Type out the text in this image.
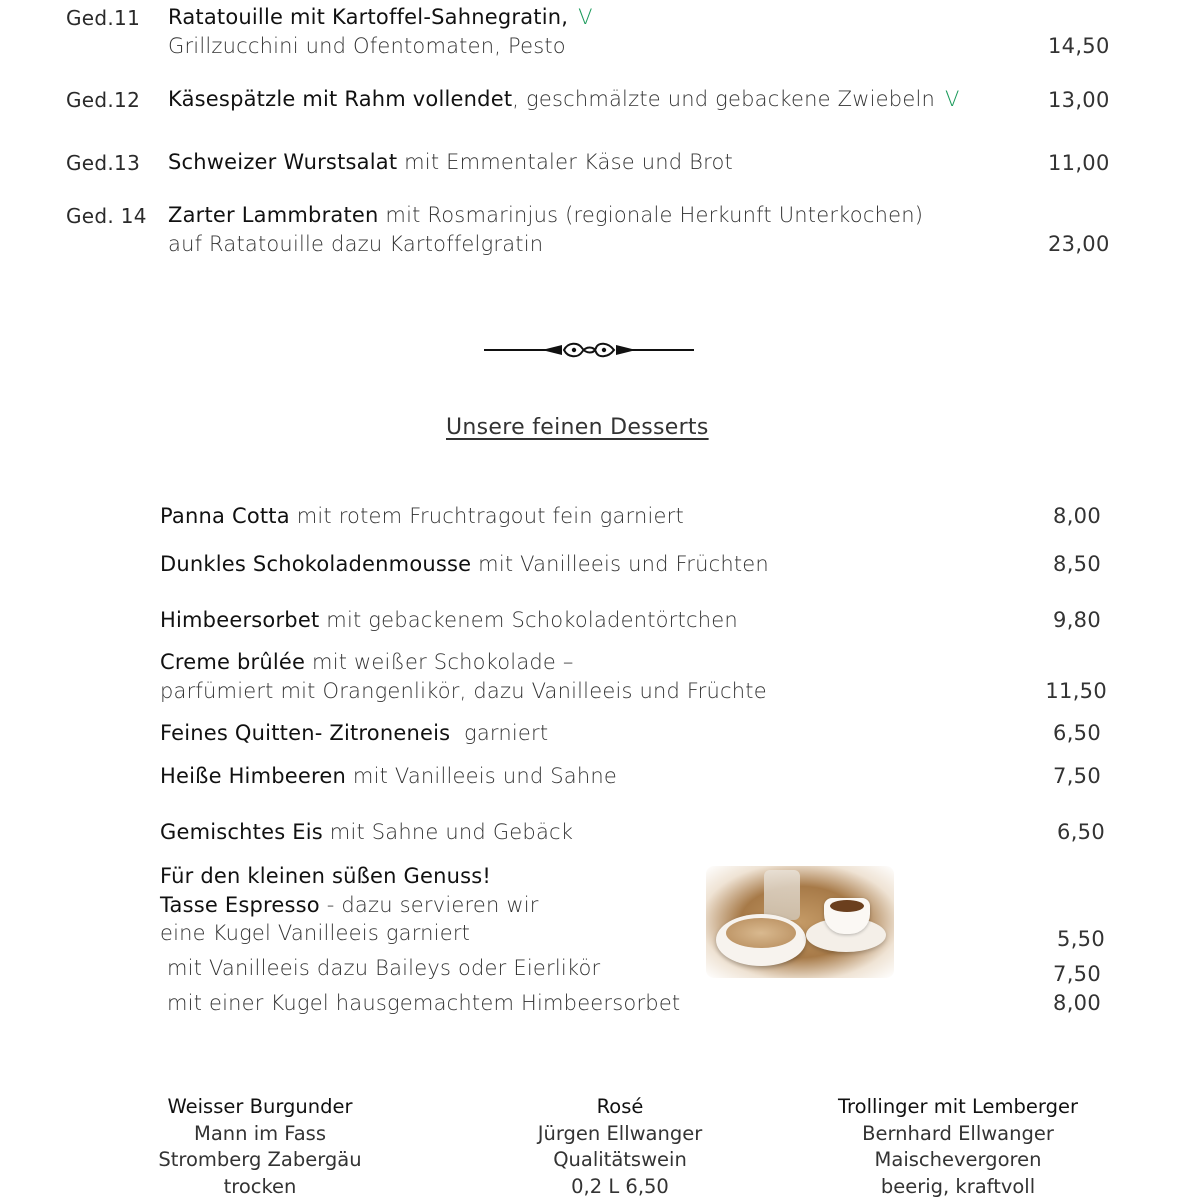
Ged.11 Ratatouille mit Kartoffel-Sahnegratin, V
Grillzucchini und Ofentomaten, Pesto	14,50
Ged.12 Käsespätzle mit Rahm vollendet, geschmälzte und gebackene Zwiebeln V	13,00
Ged.13 Schweizer Wurstsalat mit Emmentaler Käse und Brot	11,00
Ged. 14 Zarter Lammbraten mit Rosmarinjus (regionale Herkunft Unterkochen)
auf Ratatouille dazu Kartoffelgratin	23,00
Unsere feinen Desserts
Panna Cotta mit rotem Fruchtragout fein garniert	8,00
Dunkles Schokoladenmousse mit Vanilleeis und Früchten	8,50
Himbeersorbet mit gebackenem Schokoladentörtchen	9,80
Creme brûlée mit weißer Schokolade –
parfümiert mit Orangenlikör, dazu Vanilleeis und Früchte	11,50
Feines Quitten- Zitroneneis  garniert	6,50
Heiße Himbeeren mit Vanilleeis und Sahne	7,50
Gemischtes Eis mit Sahne und Gebäck	6,50
Für den kleinen süßen Genuss!
Tasse Espresso - dazu servieren wir
eine Kugel Vanilleeis garniert	5,50
mit Vanilleeis dazu Baileys oder Eierlikör	7,50
mit einer Kugel hausgemachtem Himbeersorbet	8,00
Weisser Burgunder
Mann im Fass
Stromberg Zabergäu
trocken
Rosé
Jürgen Ellwanger
Qualitätswein
0,2 L 6,50
Trollinger mit Lemberger
Bernhard Ellwanger
Maischevergoren
beerig, kraftvoll
